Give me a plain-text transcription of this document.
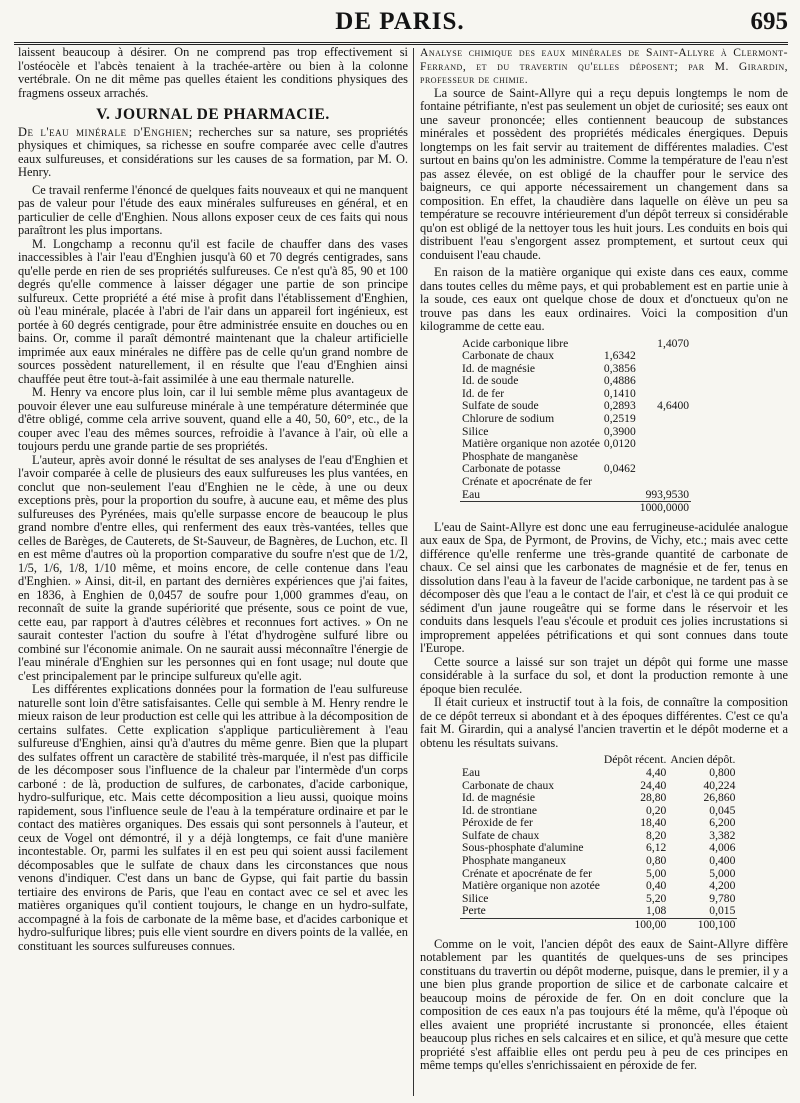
DE PARIS.	695

laissent beaucoup à désirer. On ne comprend pas trop effectivement si l'ostéocèle et l'abcès tenaient à la trachée-artère ou bien à la colonne vertébrale. On ne dit même pas quelles étaient les conditions physiques des fragmens osseux arrachés.

V. JOURNAL DE PHARMACIE.

De l'eau minérale d'Enghien; recherches sur sa nature, ses propriétés physiques et chimiques, sa richesse en soufre comparée avec celle d'autres eaux sulfureuses, et considérations sur les causes de sa formation, par M. O. Henry.

Ce travail renferme l'énoncé de quelques faits nouveaux et qui ne manquent pas de valeur pour l'étude des eaux minérales sulfureuses en général, et en particulier de celle d'Enghien. Nous allons exposer ceux de ces faits qui nous paraîtront les plus importans.

M. Longchamp a reconnu qu'il est facile de chauffer dans des vases inaccessibles à l'air l'eau d'Enghien jusqu'à 60 et 70 degrés centigrades, sans qu'elle perde en rien de ses propriétés sulfureuses. Ce n'est qu'à 85, 90 et 100 degrés qu'elle commence à laisser dégager une partie de son principe sulfureux. Cette propriété a été mise à profit dans l'établissement d'Enghien, où l'eau minérale, placée à l'abri de l'air dans un appareil fort ingénieux, est portée à 60 degrés centigrade, pour être administrée ensuite en douches ou en bains. Or, comme il paraît démontré maintenant que la chaleur artificielle imprimée aux eaux minérales ne diffère pas de celle qu'un grand nombre de sources possèdent naturellement, il en résulte que l'eau d'Enghien ainsi chauffée peut être tout-à-fait assimilée à une eau thermale naturelle.

M. Henry va encore plus loin, car il lui semble même plus avantageux de pouvoir élever une eau sulfureuse minérale à une température déterminée que d'être obligé, comme cela arrive souvent, quand elle a 40, 50, 60°, etc., de la couper avec l'eau des mêmes sources, refroidie à l'avance à l'air, où elle a toujours perdu une grande partie de ses propriétés.

L'auteur, après avoir donné le résultat de ses analyses de l'eau d'Enghien et l'avoir comparée à celle de plusieurs des eaux sulfureuses les plus vantées, en conclut que non-seulement l'eau d'Enghien ne le cède, à une ou deux exceptions près, pour la proportion du soufre, à aucune eau, et même des plus sulfureuses des Pyrénées, mais qu'elle surpasse encore de beaucoup le plus grand nombre d'entre elles, qui renferment des eaux très-vantées, telles que celles de Barèges, de Cauterets, de St-Sauveur, de Bagnères, de Luchon, etc. Il en est même d'autres où la proportion comparative du soufre n'est que de 1/2, 1/5, 1/6, 1/8, 1/10 même, et moins encore, de celle contenue dans l'eau d'Enghien. » Ainsi, dit-il, en partant des dernières expériences que j'ai faites, en 1836, à Enghien de 0,0457 de soufre pour 1,000 grammes d'eau, on reconnaît de suite la grande supériorité que présente, sous ce point de vue, cette eau, par rapport à d'autres célèbres et reconnues fort actives. » On ne saurait contester l'action du soufre à l'état d'hydrogène sulfuré libre ou combiné sur l'économie animale. On ne saurait aussi méconnaître l'énergie de l'eau minérale d'Enghien sur les personnes qui en font usage; nul doute que c'est principalement par le principe sulfureux qu'elle agit.

Les différentes explications données pour la formation de l'eau sulfureuse naturelle sont loin d'être satisfaisantes. Celle qui semble à M. Henry rendre le mieux raison de leur production est celle qui les attribue à la décomposition de certains sulfates. Cette explication s'applique particulièrement à l'eau sulfureuse d'Enghien, ainsi qu'à d'autres du même genre. Bien que la plupart des sulfates offrent un caractère de stabilité très-marquée, il n'est pas difficile de les décomposer sous l'influence de la chaleur par l'intermède d'un corps carboné : de là, production de sulfures, de carbonates, d'acide carbonique, hydro-sulfurique, etc. Mais cette décomposition a lieu aussi, quoique moins rapidement, sous l'influence seule de l'eau à la température ordinaire et par le contact des matières organiques. Des essais qui sont personnels à l'auteur, et ceux de Vogel ont démontré, il y a déjà longtemps, ce fait d'une manière incontestable. Or, parmi les sulfates il en est peu qui soient aussi facilement décomposables que le sulfate de chaux dans les circonstances que nous venons d'indiquer. C'est dans un banc de Gypse, qui fait partie du bassin tertiaire des environs de Paris, que l'eau en contact avec ce sel et avec les matières organiques qu'il contient toujours, le change en un hydro-sulfate, accompagné à la fois de carbonate de la même base, et d'acides carbonique et hydro-sulfurique libres; puis elle vient sourdre en divers points de la vallée, en constituant les sources sulfureuses connues.

Analyse chimique des eaux minérales de Saint-Allyre à Clermont-Ferrand, et du travertin qu'elles déposent; par M. Girardin, professeur de chimie.

La source de Saint-Allyre qui a reçu depuis longtemps le nom de fontaine pétrifiante, n'est pas seulement un objet de curiosité; ses eaux ont une saveur prononcée; elles contiennent beaucoup de substances minérales et possèdent des propriétés médicales énergiques. Depuis longtemps on les fait servir au traitement de différentes maladies. C'est surtout en bains qu'on les administre. Comme la température de l'eau n'est pas assez élevée, on est obligé de la chauffer pour le service des baigneurs, ce qui apporte nécessairement un changement dans sa composition. En effet, la chaudière dans laquelle on élève un peu sa température se recouvre intérieurement d'un dépôt terreux si considérable qu'on est obligé de la nettoyer tous les huit jours. Les conduits en bois qui distribuent l'eau s'engorgent assez promptement, et surtout ceux qui conduisent l'eau chaude.

En raison de la matière organique qui existe dans ces eaux, comme dans toutes celles du même pays, et qui probablement est en partie unie à la soude, ces eaux ont quelque chose de doux et d'onctueux qu'on ne trouve pas dans les eaux ordinaires. Voici la composition d'un kilogramme de cette eau.

Acide carbonique libre		1,4070
Carbonate de chaux	1,6342	
Id. de magnésie	0,3856	
Id. de soude	0,4886	
Id. de fer	0,1410	
Sulfate de soude	0,2893	4,6400
Chlorure de sodium	0,2519	
Silice	0,3900	
Matière organique non azotée	0,0120	
Phosphate de manganèse		
Carbonate de potasse	0,0462	
Crénate et apocrénate de fer		
Eau		993,9530
		1000,0000

L'eau de Saint-Allyre est donc une eau ferrugineuse-acidulée analogue aux eaux de Spa, de Pyrmont, de Provins, de Vichy, etc.; mais avec cette différence qu'elle renferme une très-grande quantité de carbonate de chaux. Ce sel ainsi que les carbonates de magnésie et de fer, tenus en dissolution dans l'eau à la faveur de l'acide carbonique, ne tardent pas à se décomposer dès que l'eau a le contact de l'air, et c'est là ce qui produit ce sédiment d'un jaune rougeâtre qui se forme dans le réservoir et les conduits dans lesquels l'eau s'écoule et produit ces jolies incrustations si improprement appelées pétrifications et qui sont connues dans toute l'Europe.

Cette source a laissé sur son trajet un dépôt qui forme une masse considérable à la surface du sol, et dont la production remonte à une époque bien reculée.

Il était curieux et instructif tout à la fois, de connaître la composition de ce dépôt terreux si abondant et à des époques différentes. C'est ce qu'a fait M. Girardin, qui a analysé l'ancien travertin et le dépôt moderne et a obtenu les résultats suivans.

	Dépôt récent.	Ancien dépôt.
Eau	4,40	0,800
Carbonate de chaux	24,40	40,224
Id. de magnésie	28,80	26,860
Id. de strontiane	0,20	0,045
Péroxide de fer	18,40	6,200
Sulfate de chaux	8,20	3,382
Sous-phosphate d'alumine	6,12	4,006
Phosphate manganeux	0,80	0,400
Crénate et apocrénate de fer	5,00	5,000
Matière organique non azotée	0,40	4,200
Silice	5,20	9,780
Perte	1,08	0,015
	100,00	100,100

Comme on le voit, l'ancien dépôt des eaux de Saint-Allyre diffère notablement par les quantités de quelques-uns de ses principes constituans du travertin ou dépôt moderne, puisque, dans le premier, il y a une bien plus grande proportion de silice et de carbonate calcaire et beaucoup moins de péroxide de fer. On en doit conclure que la composition de ces eaux n'a pas toujours été la même, qu'à l'époque où elles avaient une propriété incrustante si prononcée, elles étaient beaucoup plus riches en sels calcaires et en silice, et qu'à mesure que cette propriété s'est affaiblie elles ont perdu peu à peu de ces principes en même temps qu'elles s'enrichissaient en péroxide de fer.
